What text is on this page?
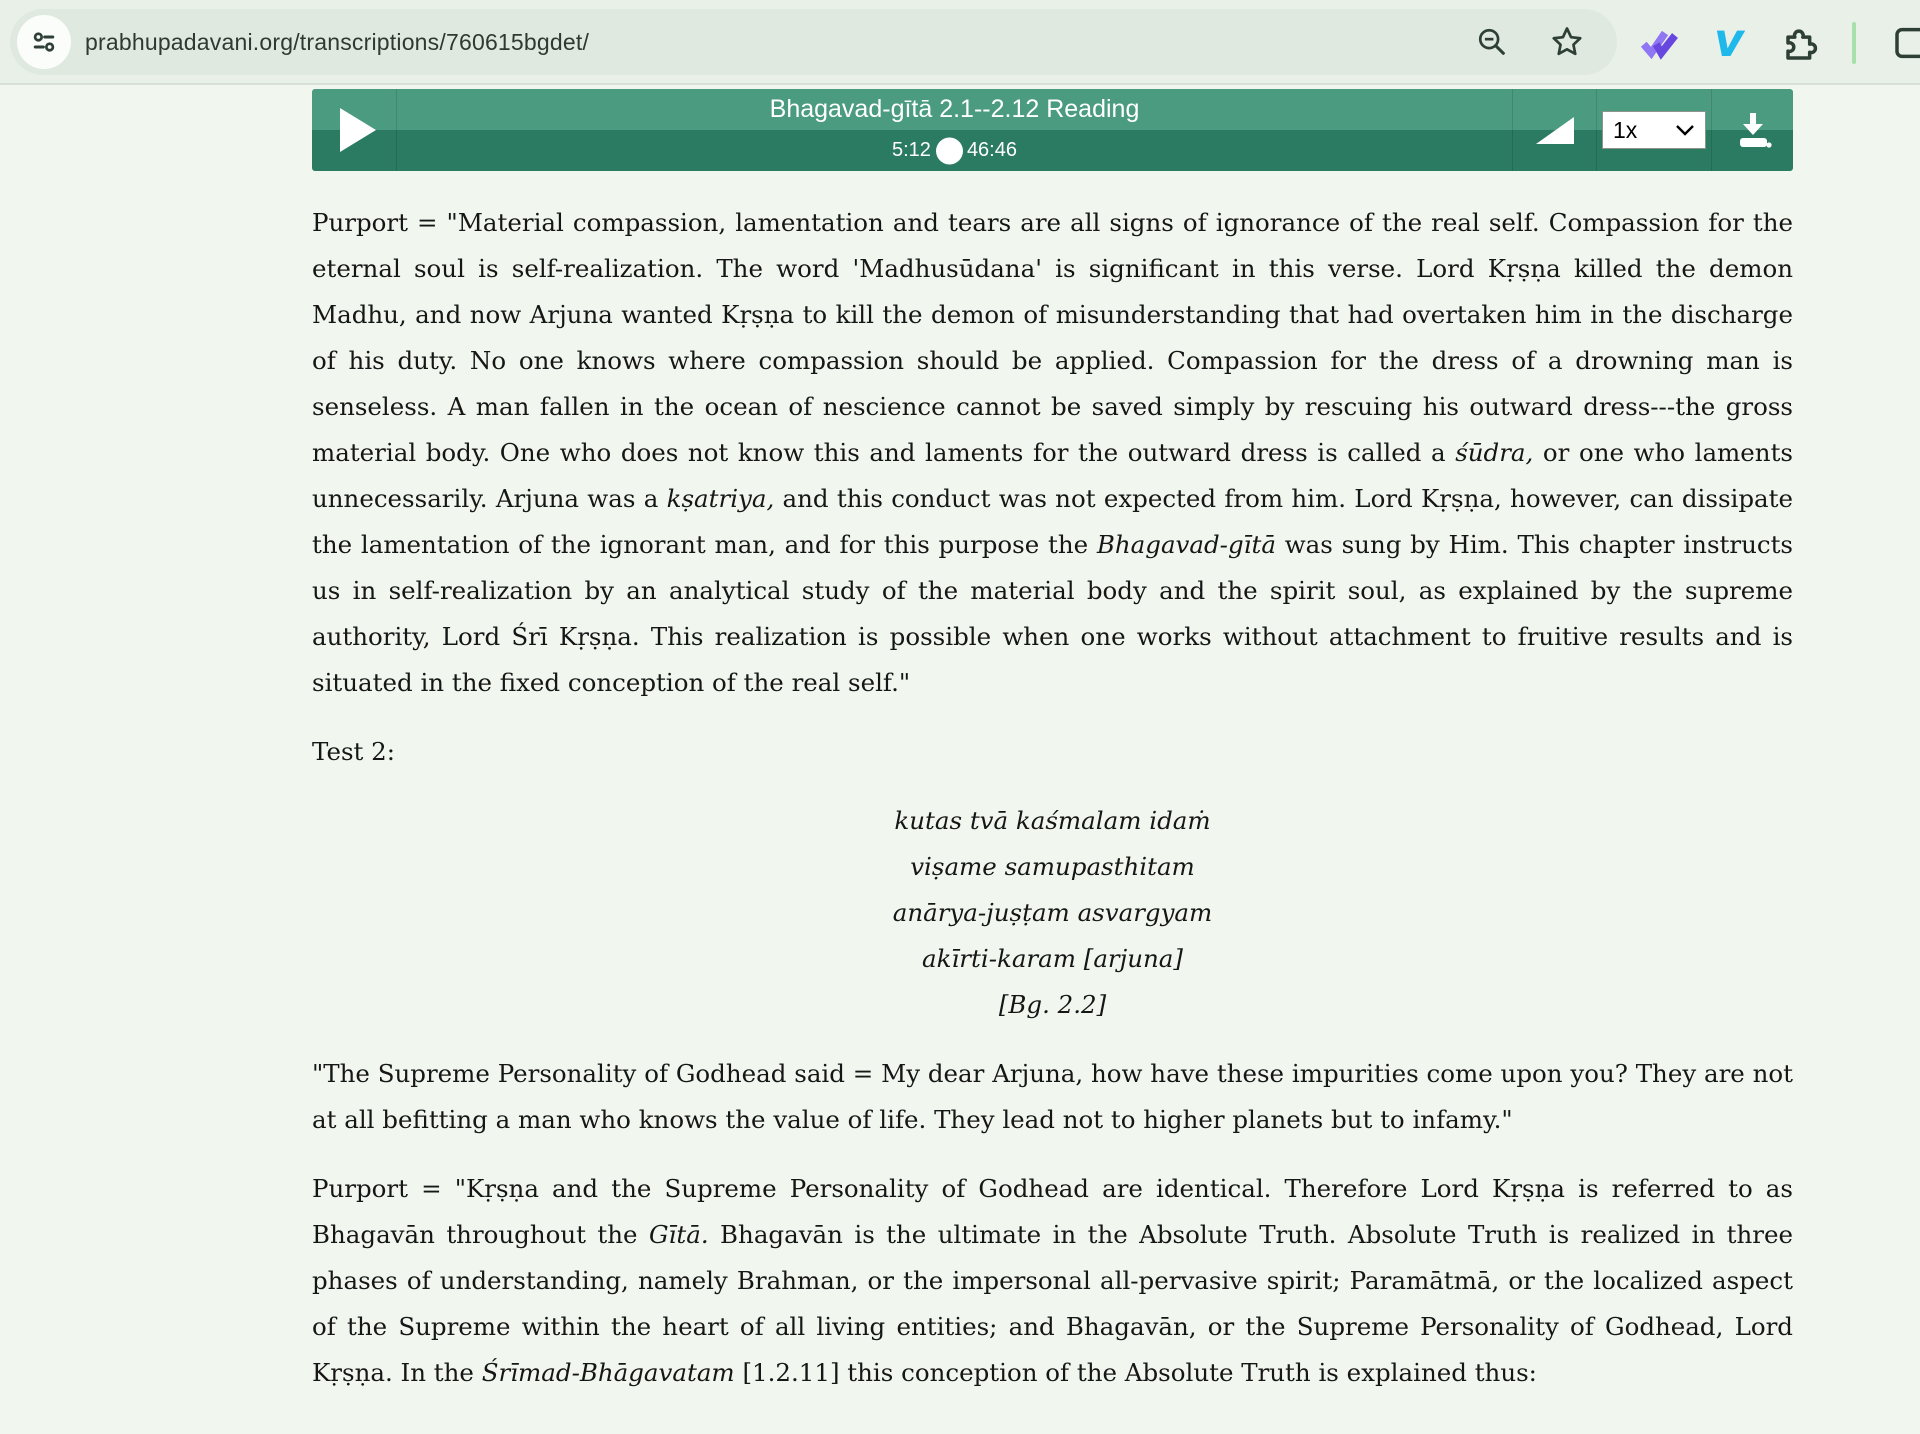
prabhupadavani.org/transcriptions/760615bgdet/	v
Bhagavad-gītā 2.1--2.12 Reading
5:12 46:46
1x

Purport = "Material compassion, lamentation and tears are all signs of ignorance of the real self. Compassion for the eternal soul is self-realization. The word 'Madhusūdana' is significant in this verse. Lord Kṛṣṇa killed the demon Madhu, and now Arjuna wanted Kṛṣṇa to kill the demon of misunderstanding that had overtaken him in the discharge of his duty. No one knows where compassion should be applied. Compassion for the dress of a drowning man is senseless. A man fallen in the ocean of nescience cannot be saved simply by rescuing his outward dress---the gross material body. One who does not know this and laments for the outward dress is called a śūdra, or one who laments unnecessarily. Arjuna was a kṣatriya, and this conduct was not expected from him. Lord Kṛṣṇa, however, can dissipate the lamentation of the ignorant man, and for this purpose the Bhagavad-gītā was sung by Him. This chapter instructs us in self-realization by an analytical study of the material body and the spirit soul, as explained by the supreme authority, Lord Śrī Kṛṣṇa. This realization is possible when one works without attachment to fruitive results and is situated in the fixed conception of the real self."

Test 2:

kutas tvā kaśmalam idaṁ
viṣame samupasthitam
anārya-juṣṭam asvargyam
akīrti-karam [arjuna]
[Bg. 2.2]

"The Supreme Personality of Godhead said = My dear Arjuna, how have these impurities come upon you? They are not at all befitting a man who knows the value of life. They lead not to higher planets but to infamy."

Purport = "Kṛṣṇa and the Supreme Personality of Godhead are identical. Therefore Lord Kṛṣṇa is referred to as Bhagavān throughout the Gītā. Bhagavān is the ultimate in the Absolute Truth. Absolute Truth is realized in three phases of understanding, namely Brahman, or the impersonal all-pervasive spirit; Paramātmā, or the localized aspect of the Supreme within the heart of all living entities; and Bhagavān, or the Supreme Personality of Godhead, Lord Kṛṣṇa. In the Śrīmad-Bhāgavatam [1.2.11] this conception of the Absolute Truth is explained thus:
